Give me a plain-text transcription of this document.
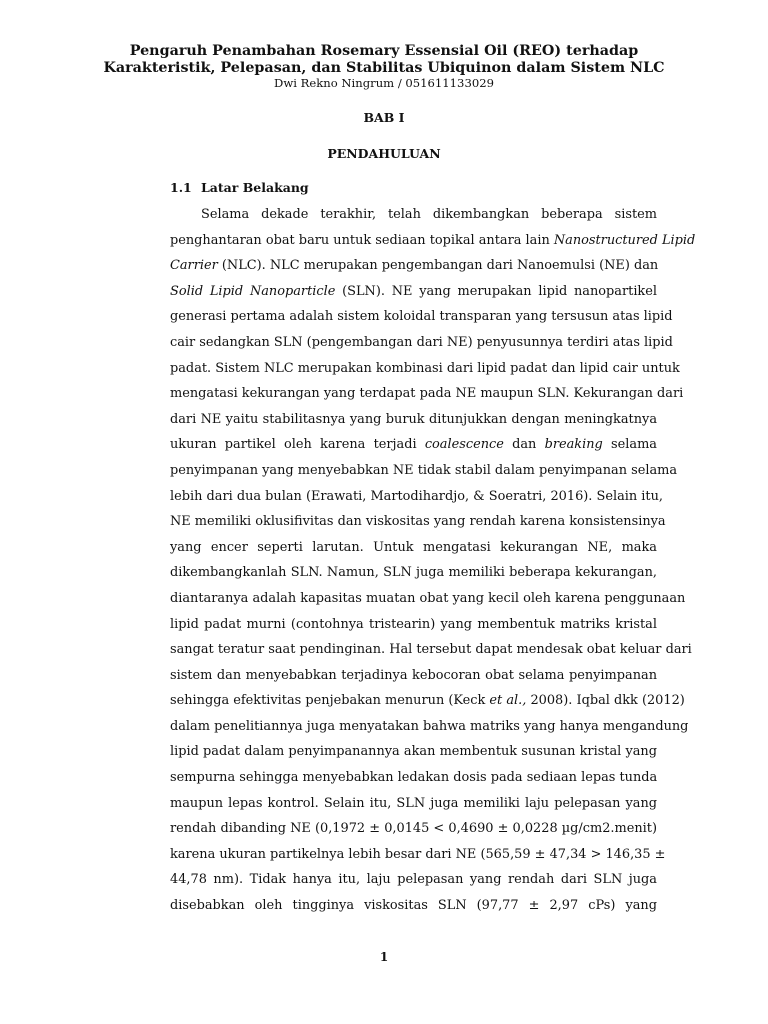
Pengaruh Penambahan Rosemary Essensial Oil (REO) terhadap
Karakteristik, Pelepasan, dan Stabilitas Ubiquinon dalam Sistem NLC
Dwi Rekno Ningrum / 051611133029
BAB I
PENDAHULUAN
1.1 Latar Belakang
Selama dekade terakhir, telah dikembangkan beberapa sistem
penghantaran obat baru untuk sediaan topikal antara lain Nanostructured Lipid
Carrier (NLC). NLC merupakan pengembangan dari Nanoemulsi (NE) dan
Solid Lipid Nanoparticle (SLN). NE yang merupakan lipid nanopartikel
generasi pertama adalah sistem koloidal transparan yang tersusun atas lipid
cair sedangkan SLN (pengembangan dari NE) penyusunnya terdiri atas lipid
padat. Sistem NLC merupakan kombinasi dari lipid padat dan lipid cair untuk
mengatasi kekurangan yang terdapat pada NE maupun SLN. Kekurangan dari
dari NE yaitu stabilitasnya yang buruk ditunjukkan dengan meningkatnya
ukuran partikel oleh karena terjadi coalescence dan breaking selama
penyimpanan yang menyebabkan NE tidak stabil dalam penyimpanan selama
lebih dari dua bulan (Erawati, Martodihardjo, & Soeratri, 2016). Selain itu,
NE memiliki oklusifivitas dan viskositas yang rendah karena konsistensinya
yang encer seperti larutan. Untuk mengatasi kekurangan NE, maka
dikembangkanlah SLN. Namun, SLN juga memiliki beberapa kekurangan,
diantaranya adalah kapasitas muatan obat yang kecil oleh karena penggunaan
lipid padat murni (contohnya tristearin) yang membentuk matriks kristal
sangat teratur saat pendinginan. Hal tersebut dapat mendesak obat keluar dari
sistem dan menyebabkan terjadinya kebocoran obat selama penyimpanan
sehingga efektivitas penjebakan menurun (Keck et al., 2008). Iqbal dkk (2012)
dalam penelitiannya juga menyatakan bahwa matriks yang hanya mengandung
lipid padat dalam penyimpanannya akan membentuk susunan kristal yang
sempurna sehingga menyebabkan ledakan dosis pada sediaan lepas tunda
maupun lepas kontrol. Selain itu, SLN juga memiliki laju pelepasan yang
rendah dibanding NE (0,1972 ± 0,0145 < 0,4690 ± 0,0228 µg/cm2.menit)
karena ukuran partikelnya lebih besar dari NE (565,59 ± 47,34 > 146,35 ±
44,78 nm). Tidak hanya itu, laju pelepasan yang rendah dari SLN juga
disebabkan oleh tingginya viskositas SLN (97,77 ± 2,97 cPs) yang
1
